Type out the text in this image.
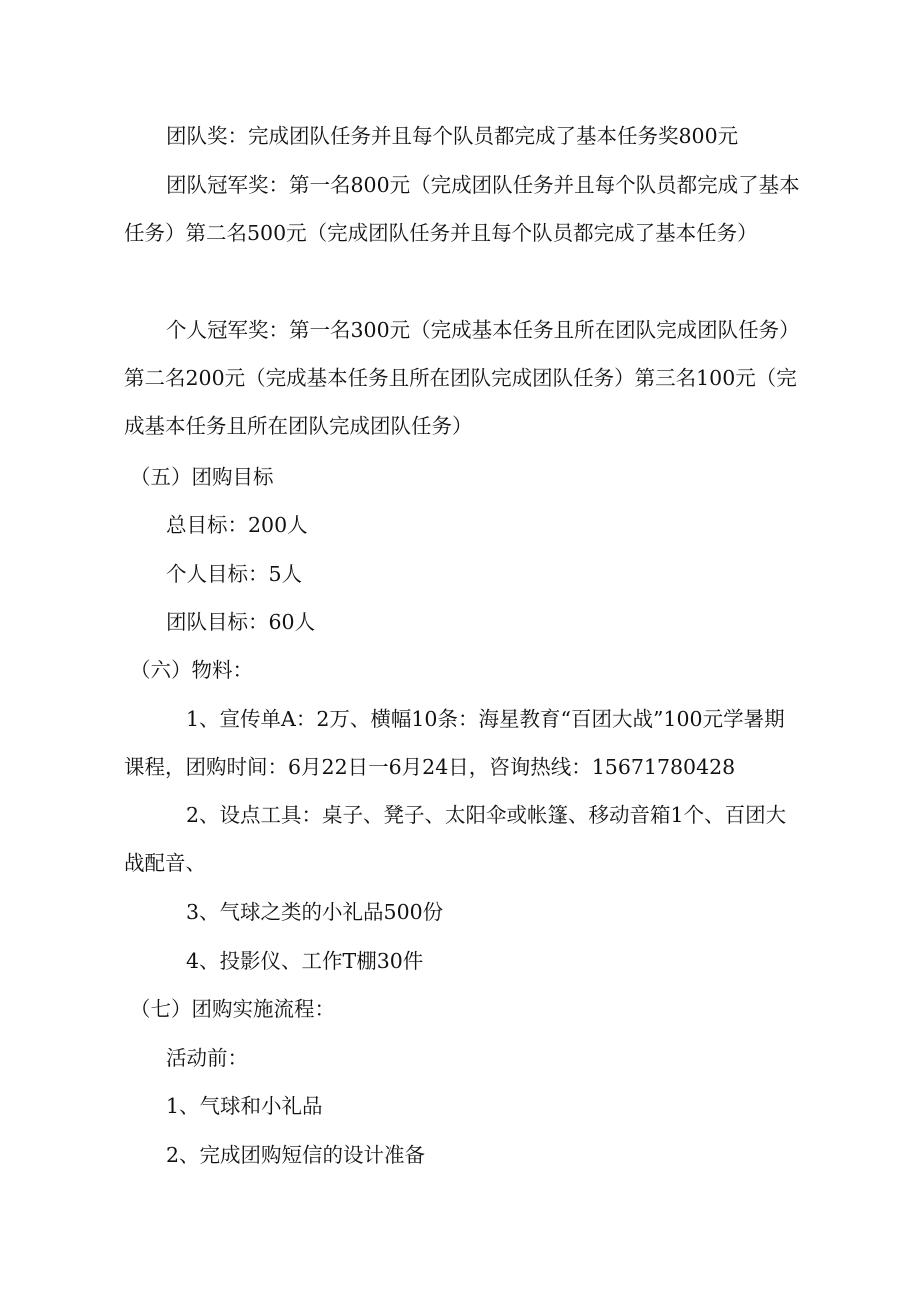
团队奖：完成团队任务并且每个队员都完成了基本任务奖800元

团队冠军奖：第一名800元（完成团队任务并且每个队员都完成了基本任务）第二名500元（完成团队任务并且每个队员都完成了基本任务）

个人冠军奖：第一名300元（完成基本任务且所在团队完成团队任务）第二名200元（完成基本任务且所在团队完成团队任务）第三名100元（完成基本任务且所在团队完成团队任务）

（五）团购目标

总目标：200人

个人目标：5人

团队目标：60人

（六）物料：

1、宣传单A：2万、横幅10条：海星教育“百团大战”100元学暑期课程，团购时间：6月22日一6月24日，咨询热线：15671780428

2、设点工具：桌子、凳子、太阳伞或帐篷、移动音箱1个、百团大战配音、

3、气球之类的小礼品500份

4、投影仪、工作T棚30件

（七）团购实施流程：

活动前：

1、气球和小礼品

2、完成团购短信的设计准备
